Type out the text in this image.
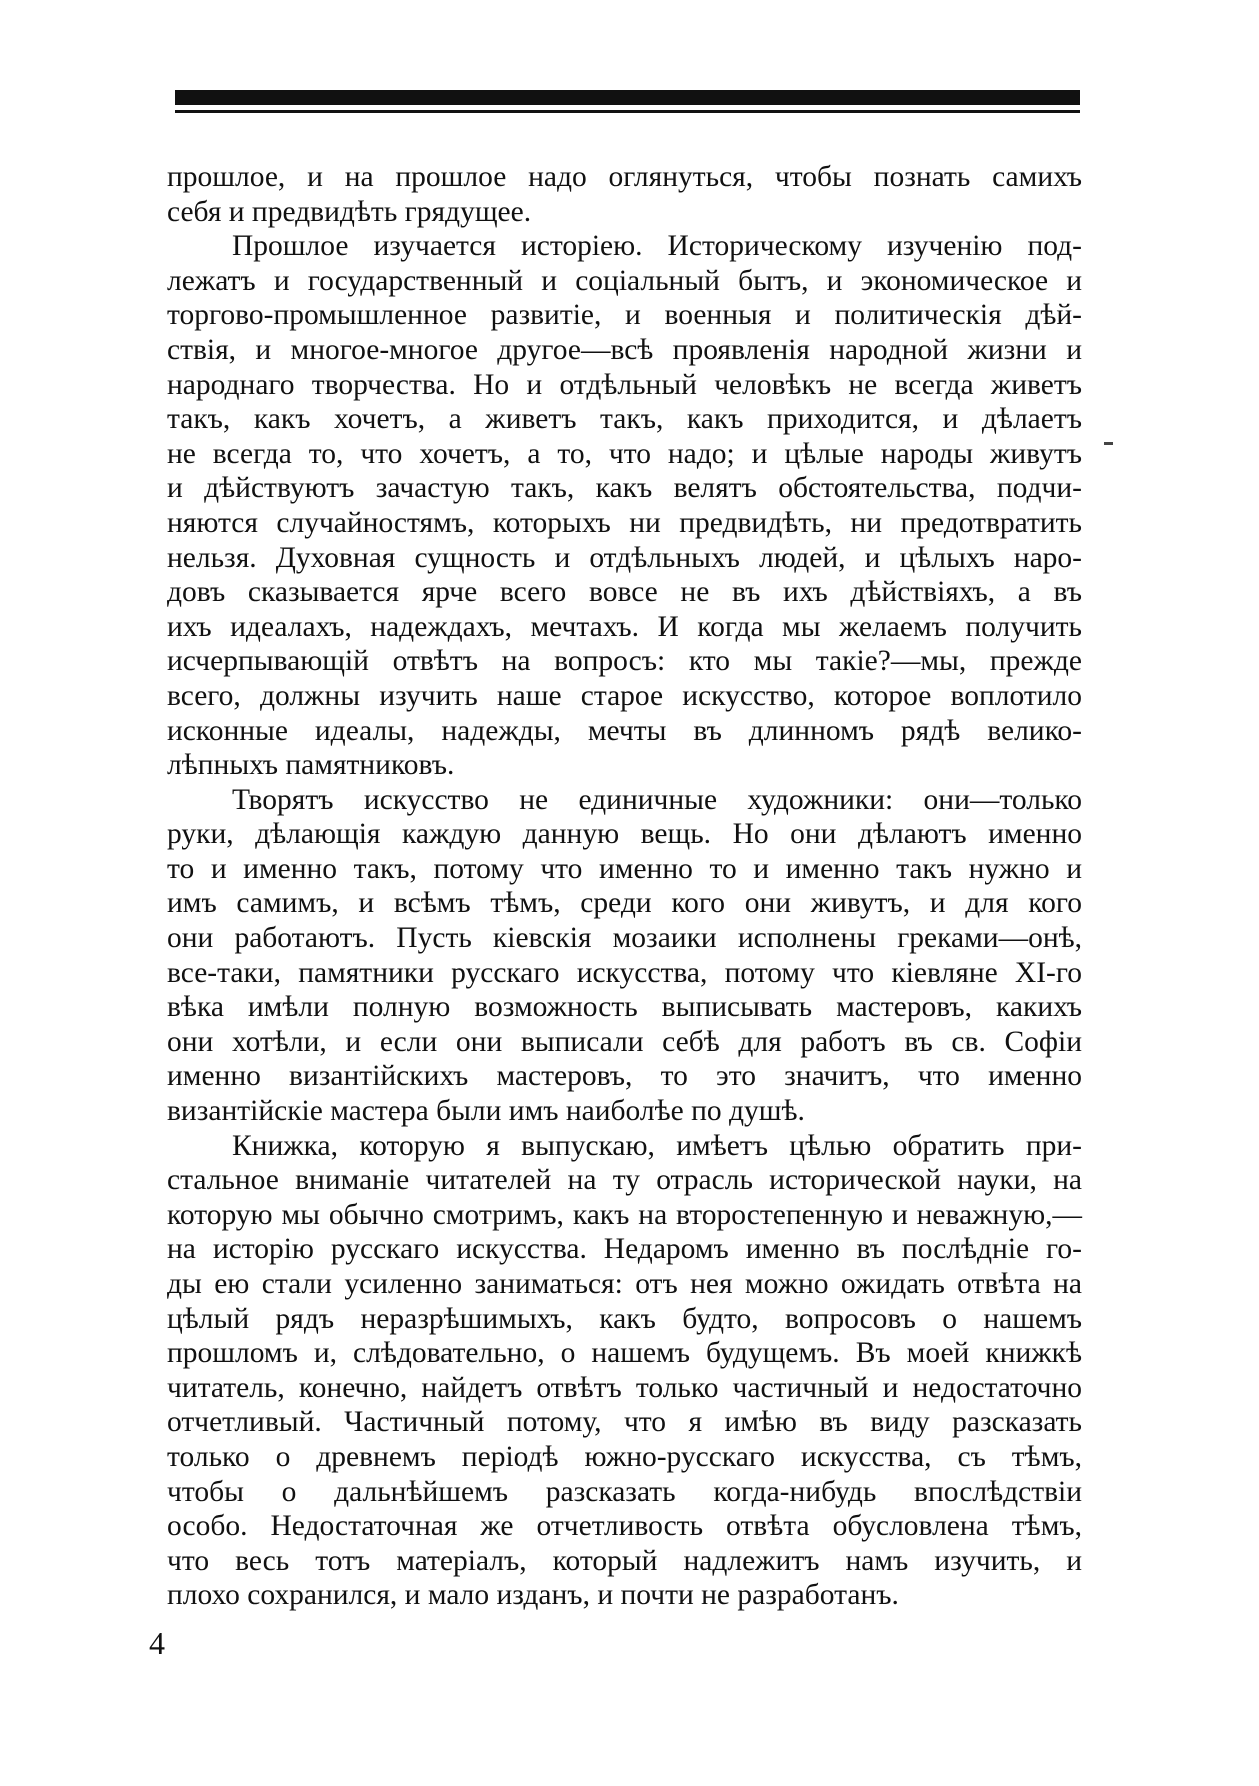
прошлое, и на прошлое надо оглянуться, чтобы познать самихъ
себя и предвидѣть грядущее.
Прошлое изучается исторіею. Историческому изученію под-
лежатъ и государственный и соціальный бытъ, и экономическое и
торгово-промышленное развитіе, и военныя и политическія дѣй-
ствія, и многое-многое другое—всѣ проявленія народной жизни и
народнаго творчества. Но и отдѣльный человѣкъ не всегда живетъ
такъ, какъ хочетъ, а живетъ такъ, какъ приходится, и дѣлаетъ
не всегда то, что хочетъ, а то, что надо; и цѣлые народы живутъ
и дѣйствуютъ зачастую такъ, какъ велятъ обстоятельства, подчи-
няются случайностямъ, которыхъ ни предвидѣть, ни предотвратить
нельзя. Духовная сущность и отдѣльныхъ людей, и цѣлыхъ наро-
довъ сказывается ярче всего вовсе не въ ихъ дѣйствіяхъ, а въ
ихъ идеалахъ, надеждахъ, мечтахъ. И когда мы желаемъ получить
исчерпывающій отвѣтъ на вопросъ: кто мы такіе?—мы, прежде
всего, должны изучить наше старое искусство, которое воплотило
исконные идеалы, надежды, мечты въ длинномъ рядѣ велико-
лѣпныхъ памятниковъ.
Творятъ искусство не единичные художники: они—только
руки, дѣлающія каждую данную вещь. Но они дѣлаютъ именно
то и именно такъ, потому что именно то и именно такъ нужно и
имъ самимъ, и всѣмъ тѣмъ, среди кого они живутъ, и для кого
они работаютъ. Пусть кіевскія мозаики исполнены греками—онѣ,
все-таки, памятники русскаго искусства, потому что кіевляне XI-го
вѣка имѣли полную возможность выписывать мастеровъ, какихъ
они хотѣли, и если они выписали себѣ для работъ въ св. Софіи
именно византійскихъ мастеровъ, то это значитъ, что именно
византійскіе мастера были имъ наиболѣе по душѣ.
Книжка, которую я выпускаю, имѣетъ цѣлью обратить при-
стальное вниманіе читателей на ту отрасль исторической науки, на
которую мы обычно смотримъ, какъ на второстепенную и неважную,—
на исторію русскаго искусства. Недаромъ именно въ послѣдніе го-
ды ею стали усиленно заниматься: отъ нея можно ожидать отвѣта на
цѣлый рядъ неразрѣшимыхъ, какъ будто, вопросовъ о нашемъ
прошломъ и, слѣдовательно, о нашемъ будущемъ. Въ моей книжкѣ
читатель, конечно, найдетъ отвѣтъ только частичный и недостаточно
отчетливый. Частичный потому, что я имѣю въ виду разсказать
только о древнемъ періодѣ южно-русскаго искусства, съ тѣмъ,
чтобы о дальнѣйшемъ разсказать когда-нибудь впослѣдствіи
особо. Недостаточная же отчетливость отвѣта обусловлена тѣмъ,
что весь тотъ матеріалъ, который надлежитъ намъ изучить, и
плохо сохранился, и мало изданъ, и почти не разработанъ.
4
